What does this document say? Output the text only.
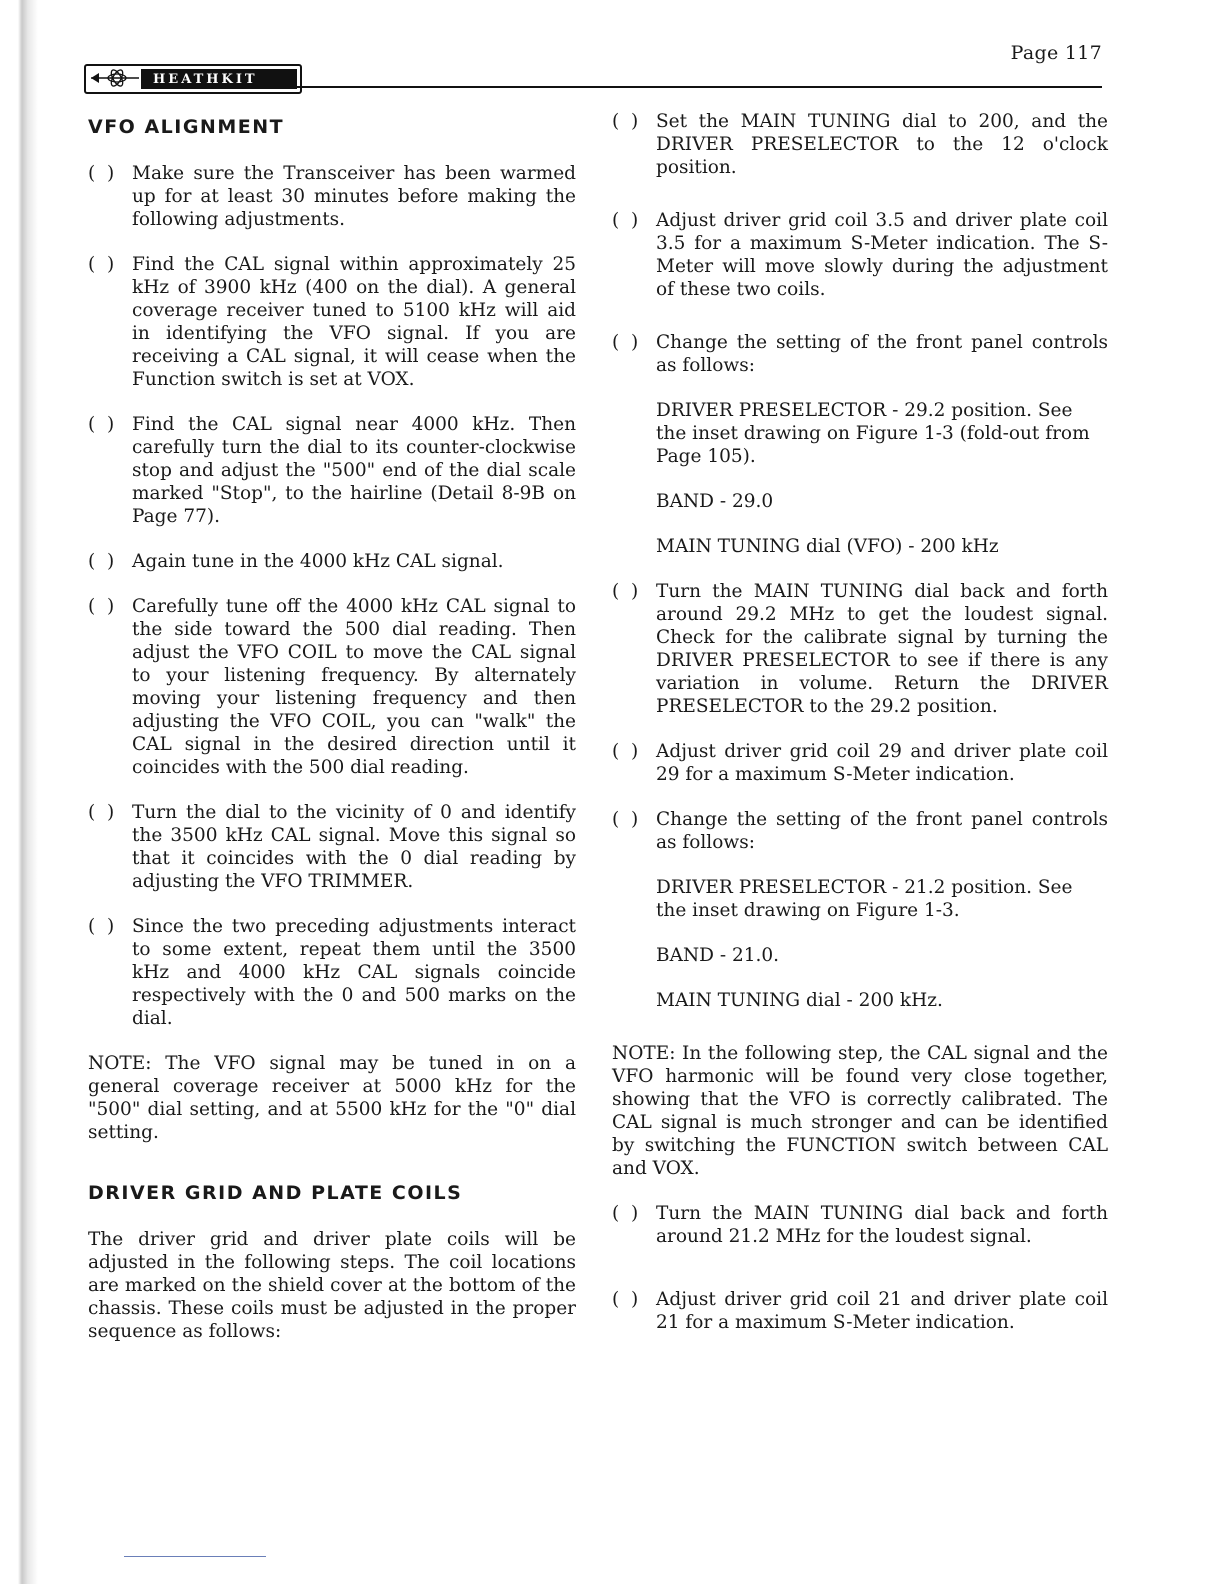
Page 117
HEATHKIT
VFO ALIGNMENT
(  ) Make sure the Transceiver has been warmed up for at least 30 minutes before making the following adjustments.
(  ) Find the CAL signal within approximately 25 kHz of 3900 kHz (400 on the dial). A general coverage receiver tuned to 5100 kHz will aid in identifying the VFO signal. If you are receiving a CAL signal, it will cease when the Function switch is set at VOX.
(  ) Find the CAL signal near 4000 kHz. Then carefully turn the dial to its counter-clockwise stop and adjust the "500" end of the dial scale marked "Stop", to the hairline (Detail 8-9B on Page 77).
(  ) Again tune in the 4000 kHz CAL signal.
(  ) Carefully tune off the 4000 kHz CAL signal to the side toward the 500 dial reading. Then adjust the VFO COIL to move the CAL signal to your listening frequency. By alternately moving your listening frequency and then adjusting the VFO COIL, you can "walk" the CAL signal in the desired direction until it coincides with the 500 dial reading.
(  ) Turn the dial to the vicinity of 0 and identify the 3500 kHz CAL signal. Move this signal so that it coincides with the 0 dial reading by adjusting the VFO TRIMMER.
(  ) Since the two preceding adjustments interact to some extent, repeat them until the 3500 kHz and 4000 kHz CAL signals coincide respectively with the 0 and 500 marks on the dial.
NOTE: The VFO signal may be tuned in on a general coverage receiver at 5000 kHz for the "500" dial setting, and at 5500 kHz for the "0" dial setting.
DRIVER GRID AND PLATE COILS
The driver grid and driver plate coils will be adjusted in the following steps. The coil locations are marked on the shield cover at the bottom of the chassis. These coils must be adjusted in the proper sequence as follows:
(  ) Set the MAIN TUNING dial to 200, and the DRIVER PRESELECTOR to the 12 o'clock position.
(  ) Adjust driver grid coil 3.5 and driver plate coil 3.5 for a maximum S-Meter indication. The S-Meter will move slowly during the adjustment of these two coils.
(  ) Change the setting of the front panel controls as follows:
DRIVER PRESELECTOR - 29.2 position. See the inset drawing on Figure 1-3 (fold-out from Page 105).
BAND - 29.0
MAIN TUNING dial (VFO) - 200 kHz
(  ) Turn the MAIN TUNING dial back and forth around 29.2 MHz to get the loudest signal. Check for the calibrate signal by turning the DRIVER PRESELECTOR to see if there is any variation in volume. Return the DRIVER PRESELECTOR to the 29.2 position.
(  ) Adjust driver grid coil 29 and driver plate coil 29 for a maximum S-Meter indication.
(  ) Change the setting of the front panel controls as follows:
DRIVER PRESELECTOR - 21.2 position. See the inset drawing on Figure 1-3.
BAND - 21.0.
MAIN TUNING dial - 200 kHz.
NOTE: In the following step, the CAL signal and the VFO harmonic will be found very close together, showing that the VFO is correctly calibrated. The CAL signal is much stronger and can be identified by switching the FUNCTION switch between CAL and VOX.
(  ) Turn the MAIN TUNING dial back and forth around 21.2 MHz for the loudest signal.
(  ) Adjust driver grid coil 21 and driver plate coil 21 for a maximum S-Meter indication.
